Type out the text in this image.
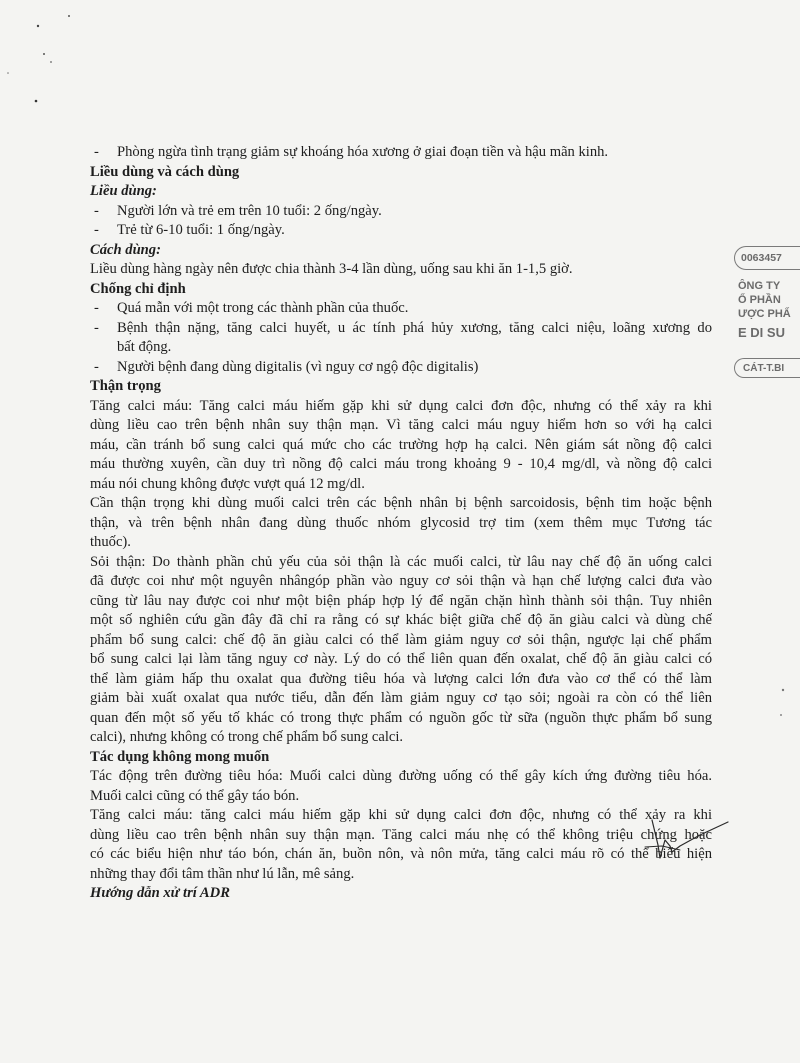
- Phòng ngừa tình trạng giảm sự khoáng hóa xương ở giai đoạn tiền và hậu mãn kinh.
Liều dùng và cách dùng
Liều dùng:
- Người lớn và trẻ em trên 10 tuổi: 2 ống/ngày.
- Trẻ từ 6-10 tuổi: 1 ống/ngày.
Cách dùng:
Liều dùng hàng ngày nên được chia thành 3-4 lần dùng, uống sau khi ăn 1-1,5 giờ.
Chống chỉ định
- Quá mẫn với một trong các thành phần của thuốc.
- Bệnh thận nặng, tăng calci huyết, u ác tính phá hủy xương, tăng calci niệu, loãng xương do
bất động.
- Người bệnh đang dùng digitalis (vì nguy cơ ngộ độc digitalis)
Thận trọng
Tăng calci máu: Tăng calci máu hiếm gặp khi sử dụng calci đơn độc, nhưng có thể xảy ra khi
dùng liều cao trên bệnh nhân suy thận mạn. Vì tăng calci máu nguy hiểm hơn so với hạ calci
máu, cần tránh bổ sung calci quá mức cho các trường hợp hạ calci. Nên giám sát nồng độ calci
máu thường xuyên, cần duy trì nồng độ calci máu trong khoảng 9 - 10,4 mg/dl, và nồng độ calci
máu nói chung không được vượt quá 12 mg/dl.
Cần thận trọng khi dùng muối calci trên các bệnh nhân bị bệnh sarcoidosis, bệnh tim hoặc bệnh
thận, và trên bệnh nhân đang dùng thuốc nhóm glycosid trợ tim (xem thêm mục Tương tác
thuốc).
Sỏi thận: Do thành phần chủ yếu của sỏi thận là các muối calci, từ lâu nay chế độ ăn uống calci
đã được coi như một nguyên nhângóp phần vào nguy cơ sỏi thận và hạn chế lượng calci đưa vào
cũng từ lâu nay được coi như một biện pháp hợp lý để ngăn chặn hình thành sỏi thận. Tuy nhiên
một số nghiên cứu gần đây đã chỉ ra rằng có sự khác biệt giữa chế độ ăn giàu calci và dùng chế
phẩm bổ sung calci: chế độ ăn giàu calci có thể làm giảm nguy cơ sỏi thận, ngược lại chế phẩm
bổ sung calci lại làm tăng nguy cơ này. Lý do có thể liên quan đến oxalat, chế độ ăn giàu calci có
thể làm giảm hấp thu oxalat qua đường tiêu hóa và lượng calci lớn đưa vào cơ thể có thể làm
giảm bài xuất oxalat qua nước tiểu, dẫn đến làm giảm nguy cơ tạo sỏi; ngoài ra còn có thể liên
quan đến một số yếu tố khác có trong thực phẩm có nguồn gốc từ sữa (nguồn thực phẩm bổ sung
calci), nhưng không có trong chế phẩm bổ sung calci.
Tác dụng không mong muốn
Tác động trên đường tiêu hóa: Muối calci dùng đường uống có thể gây kích ứng đường tiêu hóa.
Muối calci cũng có thể gây táo bón.
Tăng calci máu: tăng calci máu hiếm gặp khi sử dụng calci đơn độc, nhưng có thể xảy ra khi
dùng liều cao trên bệnh nhân suy thận mạn. Tăng calci máu nhẹ có thể không triệu chứng hoặc
có các biểu hiện như táo bón, chán ăn, buồn nôn, và nôn mửa, tăng calci máu rõ có thể biểu hiện
những thay đổi tâm thần như lú lẫn, mê sảng.
Hướng dẫn xử trí ADR
0063457
ÔNG TY
Ổ PHẦN
ƯỢC PHẨ
E DI SU
CÁT-T.BI
